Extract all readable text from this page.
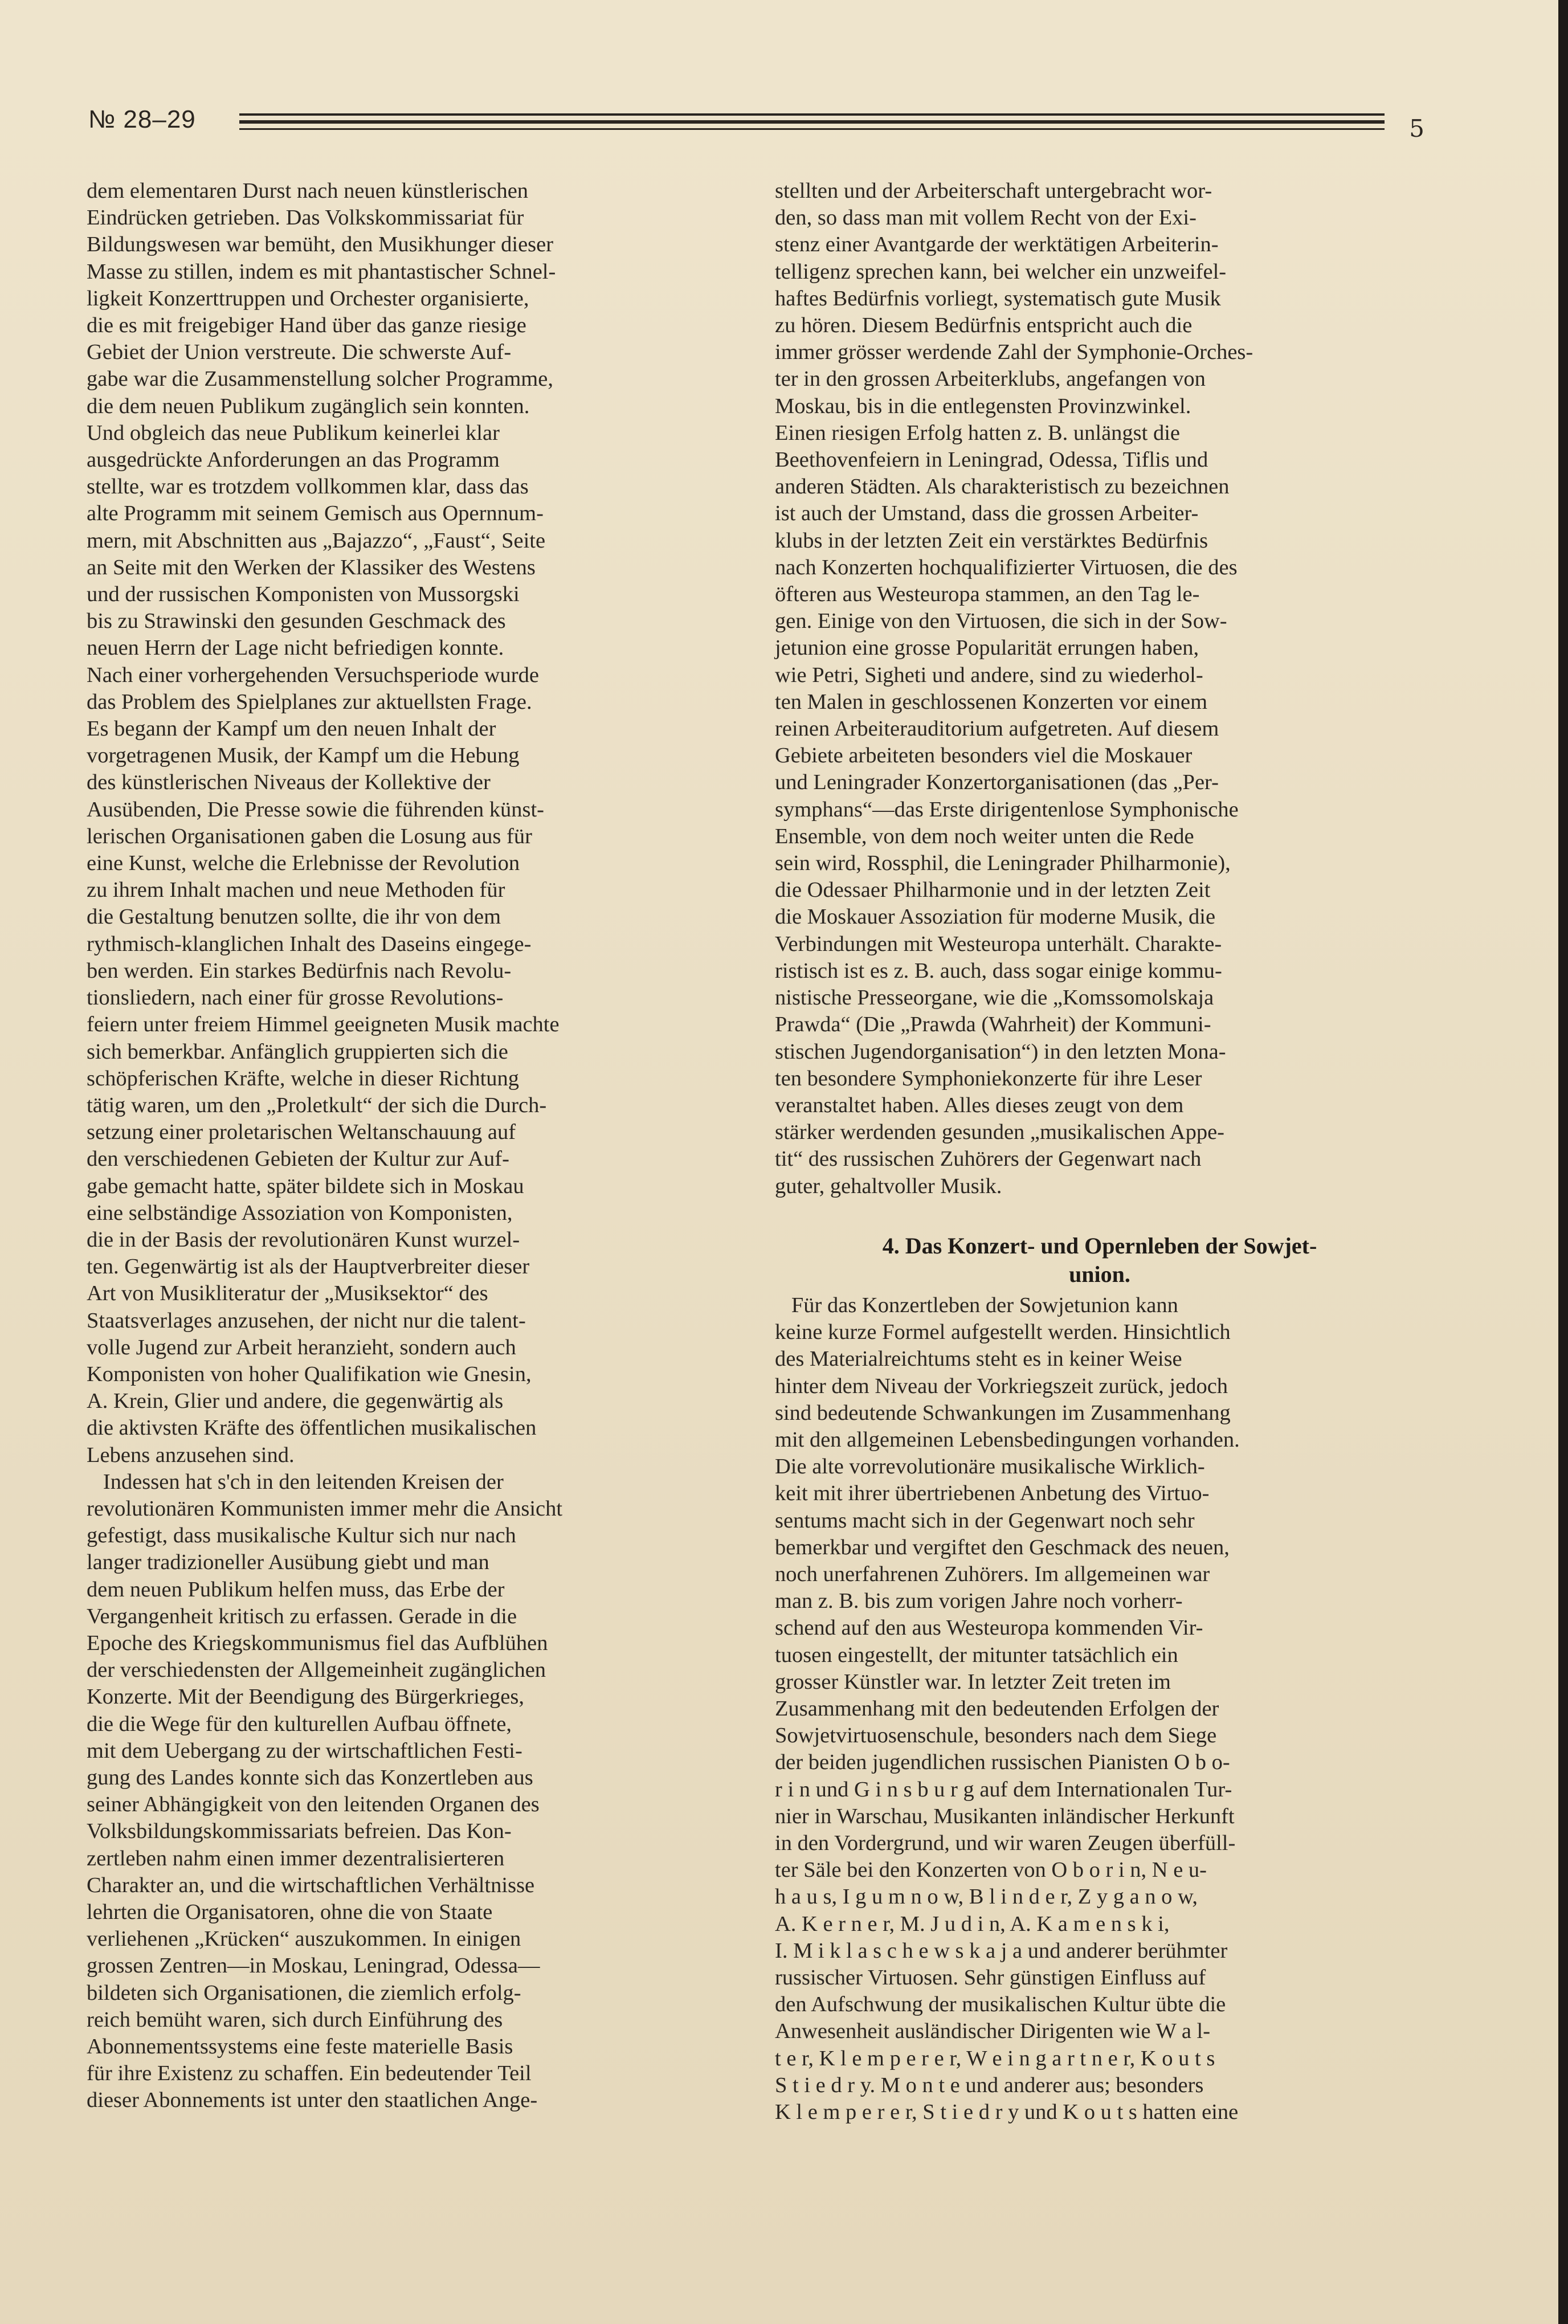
№ 28–29	5
dem elementaren Durst nach neuen künstlerischen
Eindrücken getrieben. Das Volkskommissariat für
Bildungswesen war bemüht, den Musikhunger dieser
Masse zu stillen, indem es mit phantastischer Schnel-
ligkeit Konzerttruppen und Orchester organisierte,
die es mit freigebiger Hand über das ganze riesige
Gebiet der Union verstreute. Die schwerste Auf-
gabe war die Zusammenstellung solcher Programme,
die dem neuen Publikum zugänglich sein konnten.
Und obgleich das neue Publikum keinerlei klar
ausgedrückte Anforderungen an das Programm
stellte, war es trotzdem vollkommen klar, dass das
alte Programm mit seinem Gemisch aus Opernnum-
mern, mit Abschnitten aus „Bajazzo“, „Faust“, Seite
an Seite mit den Werken der Klassiker des Westens
und der russischen Komponisten von Mussorgski
bis zu Strawinski den gesunden Geschmack des
neuen Herrn der Lage nicht befriedigen konnte.
Nach einer vorhergehenden Versuchsperiode wurde
das Problem des Spielplanes zur aktuellsten Frage.
Es begann der Kampf um den neuen Inhalt der
vorgetragenen Musik, der Kampf um die Hebung
des künstlerischen Niveaus der Kollektive der
Ausübenden, Die Presse sowie die führenden künst-
lerischen Organisationen gaben die Losung aus für
eine Kunst, welche die Erlebnisse der Revolution
zu ihrem Inhalt machen und neue Methoden für
die Gestaltung benutzen sollte, die ihr von dem
rythmisch-klanglichen Inhalt des Daseins eingege-
ben werden. Ein starkes Bedürfnis nach Revolu-
tionsliedern, nach einer für grosse Revolutions-
feiern unter freiem Himmel geeigneten Musik machte
sich bemerkbar. Anfänglich gruppierten sich die
schöpferischen Kräfte, welche in dieser Richtung
tätig waren, um den „Proletkult“ der sich die Durch-
setzung einer proletarischen Weltanschauung auf
den verschiedenen Gebieten der Kultur zur Auf-
gabe gemacht hatte, später bildete sich in Moskau
eine selbständige Assoziation von Komponisten,
die in der Basis der revolutionären Kunst wurzel-
ten. Gegenwärtig ist als der Hauptverbreiter dieser
Art von Musikliteratur der „Musiksektor“ des
Staatsverlages anzusehen, der nicht nur die talent-
volle Jugend zur Arbeit heranzieht, sondern auch
Komponisten von hoher Qualifikation wie Gnesin,
A. Krein, Glier und andere, die gegenwärtig als
die aktivsten Kräfte des öffentlichen musikalischen
Lebens anzusehen sind.
Indessen hat s'ch in den leitenden Kreisen der
revolutionären Kommunisten immer mehr die Ansicht
gefestigt, dass musikalische Kultur sich nur nach
langer tradizioneller Ausübung giebt und man
dem neuen Publikum helfen muss, das Erbe der
Vergangenheit kritisch zu erfassen. Gerade in die
Epoche des Kriegskommunismus fiel das Aufblühen
der verschiedensten der Allgemeinheit zugänglichen
Konzerte. Mit der Beendigung des Bürgerkrieges,
die die Wege für den kulturellen Aufbau öffnete,
mit dem Uebergang zu der wirtschaftlichen Festi-
gung des Landes konnte sich das Konzertleben aus
seiner Abhängigkeit von den leitenden Organen des
Volksbildungskommissariats befreien. Das Kon-
zertleben nahm einen immer dezentralisierteren
Charakter an, und die wirtschaftlichen Verhältnisse
lehrten die Organisatoren, ohne die von Staate
verliehenen „Krücken“ auszukommen. In einigen
grossen Zentren—in Moskau, Leningrad, Odessa—
bildeten sich Organisationen, die ziemlich erfolg-
reich bemüht waren, sich durch Einführung des
Abonnementssystems eine feste materielle Basis
für ihre Existenz zu schaffen. Ein bedeutender Teil
dieser Abonnements ist unter den staatlichen Ange-
stellten und der Arbeiterschaft untergebracht wor-
den, so dass man mit vollem Recht von der Exi-
stenz einer Avantgarde der werktätigen Arbeiterin-
telligenz sprechen kann, bei welcher ein unzweifel-
haftes Bedürfnis vorliegt, systematisch gute Musik
zu hören. Diesem Bedürfnis entspricht auch die
immer grösser werdende Zahl der Symphonie-Orches-
ter in den grossen Arbeiterklubs, angefangen von
Moskau, bis in die entlegensten Provinzwinkel.
Einen riesigen Erfolg hatten z. B. unlängst die
Beethovenfeiern in Leningrad, Odessa, Tiflis und
anderen Städten. Als charakteristisch zu bezeichnen
ist auch der Umstand, dass die grossen Arbeiter-
klubs in der letzten Zeit ein verstärktes Bedürfnis
nach Konzerten hochqualifizierter Virtuosen, die des
öfteren aus Westeuropa stammen, an den Tag le-
gen. Einige von den Virtuosen, die sich in der Sow-
jetunion eine grosse Popularität errungen haben,
wie Petri, Sigheti und andere, sind zu wiederhol-
ten Malen in geschlossenen Konzerten vor einem
reinen Arbeiterauditorium aufgetreten. Auf diesem
Gebiete arbeiteten besonders viel die Moskauer
und Leningrader Konzertorganisationen (das „Per-
symphans“—das Erste dirigentenlose Symphonische
Ensemble, von dem noch weiter unten die Rede
sein wird, Rossphil, die Leningrader Philharmonie),
die Odessaer Philharmonie und in der letzten Zeit
die Moskauer Assoziation für moderne Musik, die
Verbindungen mit Westeuropa unterhält. Charakte-
ristisch ist es z. B. auch, dass sogar einige kommu-
nistische Presseorgane, wie die „Komssomolskaja
Prawda“ (Die „Prawda (Wahrheit) der Kommuni-
stischen Jugendorganisation“) in den letzten Mona-
ten besondere Symphoniekonzerte für ihre Leser
veranstaltet haben. Alles dieses zeugt von dem
stärker werdenden gesunden „musikalischen Appe-
tit“ des russischen Zuhörers der Gegenwart nach
guter, gehaltvoller Musik.
4. Das Konzert- und Opernleben der Sowjet-
union.
Für das Konzertleben der Sowjetunion kann
keine kurze Formel aufgestellt werden. Hinsichtlich
des Materialreichtums steht es in keiner Weise
hinter dem Niveau der Vorkriegszeit zurück, jedoch
sind bedeutende Schwankungen im Zusammenhang
mit den allgemeinen Lebensbedingungen vorhanden.
Die alte vorrevolutionäre musikalische Wirklich-
keit mit ihrer übertriebenen Anbetung des Virtuo-
sentums macht sich in der Gegenwart noch sehr
bemerkbar und vergiftet den Geschmack des neuen,
noch unerfahrenen Zuhörers. Im allgemeinen war
man z. B. bis zum vorigen Jahre noch vorherr-
schend auf den aus Westeuropa kommenden Vir-
tuosen eingestellt, der mitunter tatsächlich ein
grosser Künstler war. In letzter Zeit treten im
Zusammenhang mit den bedeutenden Erfolgen der
Sowjetvirtuosenschule, besonders nach dem Siege
der beiden jugendlichen russischen Pianisten O b o-
r i n und G i n s b u r g auf dem Internationalen Tur-
nier in Warschau, Musikanten inländischer Herkunft
in den Vordergrund, und wir waren Zeugen überfüll-
ter Säle bei den Konzerten von O b o r i n, N e u-
h a u s, I g u m n o w, B l i n d e r, Z y g a n o w,
A. K e r n e r, M. J u d i n, A. K a m e n s k i,
I. M i k l a s c h e w s k a j a und anderer berühmter
russischer Virtuosen. Sehr günstigen Einfluss auf
den Aufschwung der musikalischen Kultur übte die
Anwesenheit ausländischer Dirigenten wie W a l-
t e r, K l e m p e r e r, W e i n g a r t n e r, K o u t s
S t i e d r y. M o n t e und anderer aus; besonders
K l e m p e r e r, S t i e d r y und K o u t s hatten eine
